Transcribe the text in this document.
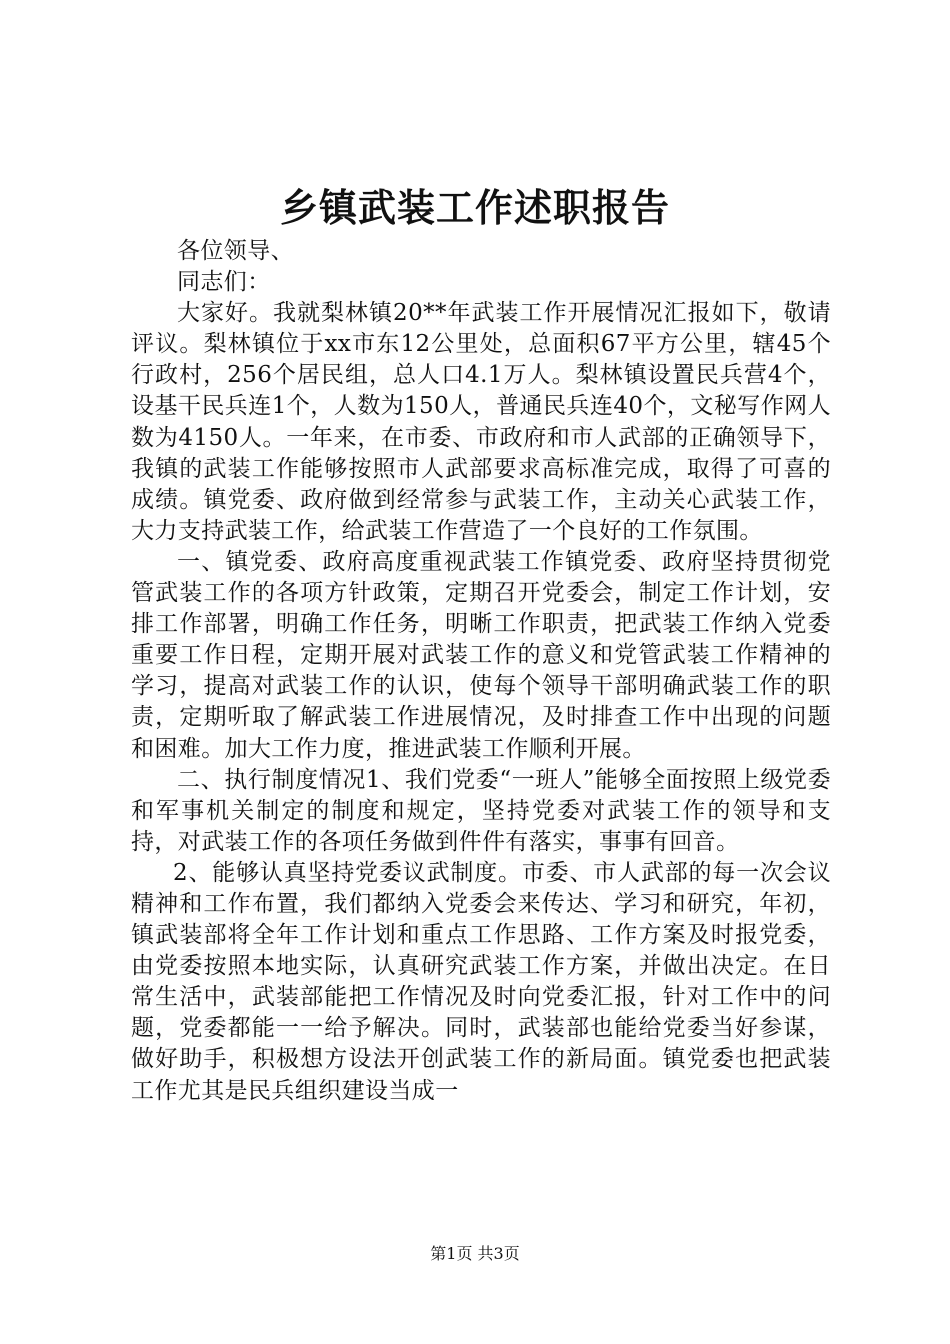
乡镇武装工作述职报告

各位领导、

同志们：

大家好。我就梨林镇20**年武装工作开展情况汇报如下，敬请评议。梨林镇位于xx市东12公里处，总面积67平方公里，辖45个行政村，256个居民组，总人口4.1万人。梨林镇设置民兵营4个，设基干民兵连1个，人数为150人，普通民兵连40个，文秘写作网人数为4150人。一年来，在市委、市政府和市人武部的正确领导下，我镇的武装工作能够按照市人武部要求高标准完成，取得了可喜的成绩。镇党委、政府做到经常参与武装工作，主动关心武装工作，大力支持武装工作，给武装工作营造了一个良好的工作氛围。

一、镇党委、政府高度重视武装工作镇党委、政府坚持贯彻党管武装工作的各项方针政策，定期召开党委会，制定工作计划，安排工作部署，明确工作任务，明晰工作职责，把武装工作纳入党委重要工作日程，定期开展对武装工作的意义和党管武装工作精神的学习，提高对武装工作的认识，使每个领导干部明确武装工作的职责，定期听取了解武装工作进展情况，及时排查工作中出现的问题和困难。加大工作力度，推进武装工作顺利开展。

二、执行制度情况1、我们党委“一班人”能够全面按照上级党委和军事机关制定的制度和规定，坚持党委对武装工作的领导和支持，对武装工作的各项任务做到件件有落实，事事有回音。

2、能够认真坚持党委议武制度。市委、市人武部的每一次会议精神和工作布置，我们都纳入党委会来传达、学习和研究，年初，镇武装部将全年工作计划和重点工作思路、工作方案及时报党委，由党委按照本地实际，认真研究武装工作方案，并做出决定。在日常生活中，武装部能把工作情况及时向党委汇报，针对工作中的问题，党委都能一一给予解决。同时，武装部也能给党委当好参谋，做好助手，积极想方设法开创武装工作的新局面。镇党委也把武装工作尤其是民兵组织建设当成一

第1页 共3页
